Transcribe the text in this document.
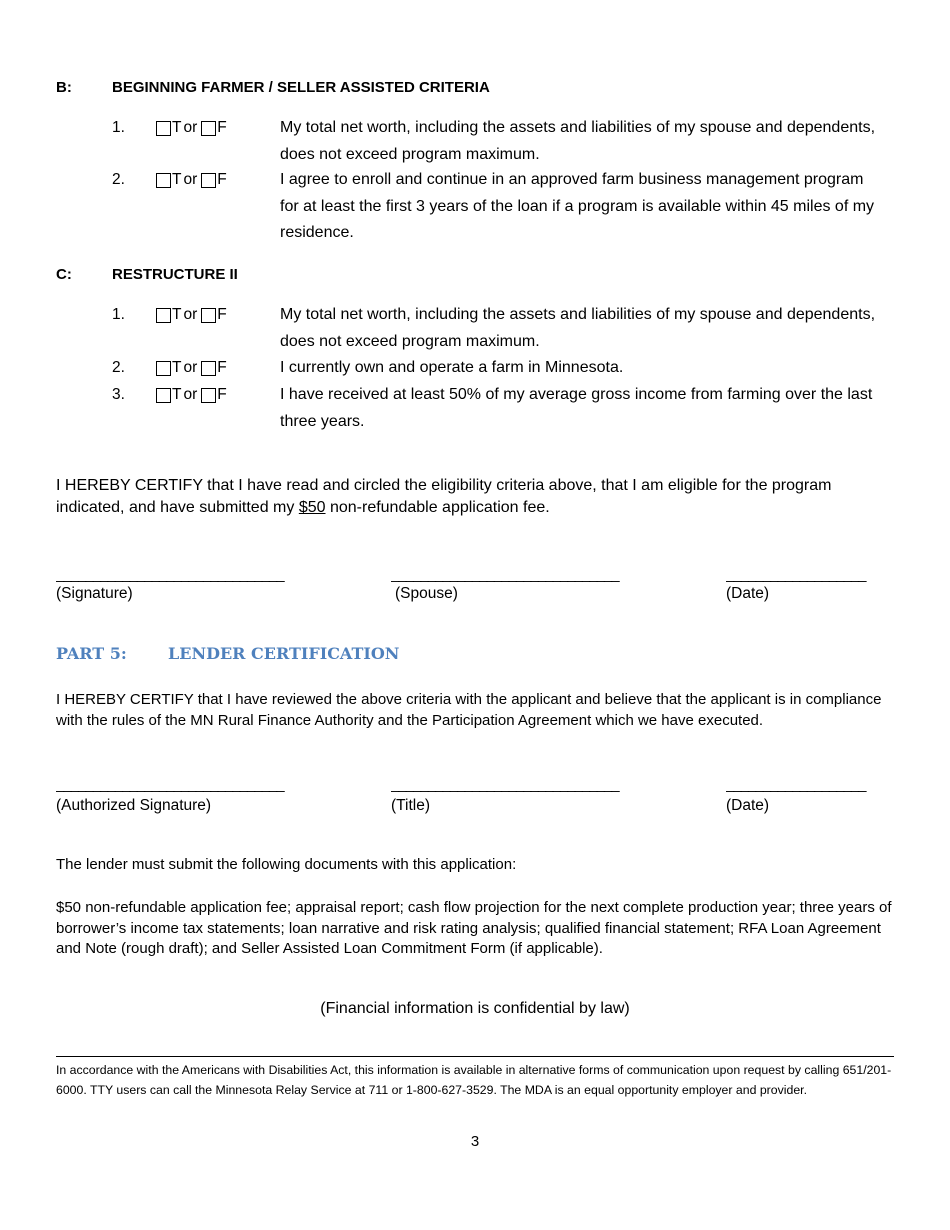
B:	BEGINNING FARMER / SELLER ASSISTED CRITERIA
1.	T or F	My total net worth, including the assets and liabilities of my spouse and dependents, does not exceed program maximum.
2.	T or F	I agree to enroll and continue in an approved farm business management program for at least the first 3 years of the loan if a program is available within 45 miles of my residence.
C:	RESTRUCTURE II
1.	T or F	My total net worth, including the assets and liabilities of my spouse and dependents, does not exceed program maximum.
2.	T or F	I currently own and operate a farm in Minnesota.
3.	T or F	I have received at least 50% of my average gross income from farming over the last three years.
I HEREBY CERTIFY that I have read and circled the eligibility criteria above, that I am eligible for the program indicated, and have submitted my $50 non-refundable application fee.
_______________________________	_______________________________	___________________
(Signature)	(Spouse)	(Date)
PART 5:	LENDER CERTIFICATION
I HEREBY CERTIFY that I have reviewed the above criteria with the applicant and believe that the applicant is in compliance with the rules of the MN Rural Finance Authority and the Participation Agreement which we have executed.
_______________________________	_______________________________	___________________
(Authorized Signature)	(Title)	(Date)
The lender must submit the following documents with this application:
$50 non-refundable application fee; appraisal report; cash flow projection for the next complete production year; three years of borrower’s income tax statements; loan narrative and risk rating analysis; qualified financial statement; RFA Loan Agreement and Note (rough draft); and Seller Assisted Loan Commitment Form (if applicable).
(Financial information is confidential by law)
In accordance with the Americans with Disabilities Act, this information is available in alternative forms of communication upon request by calling 651/201-6000. TTY users can call the Minnesota Relay Service at 711 or 1-800-627-3529. The MDA is an equal opportunity employer and provider.
3
